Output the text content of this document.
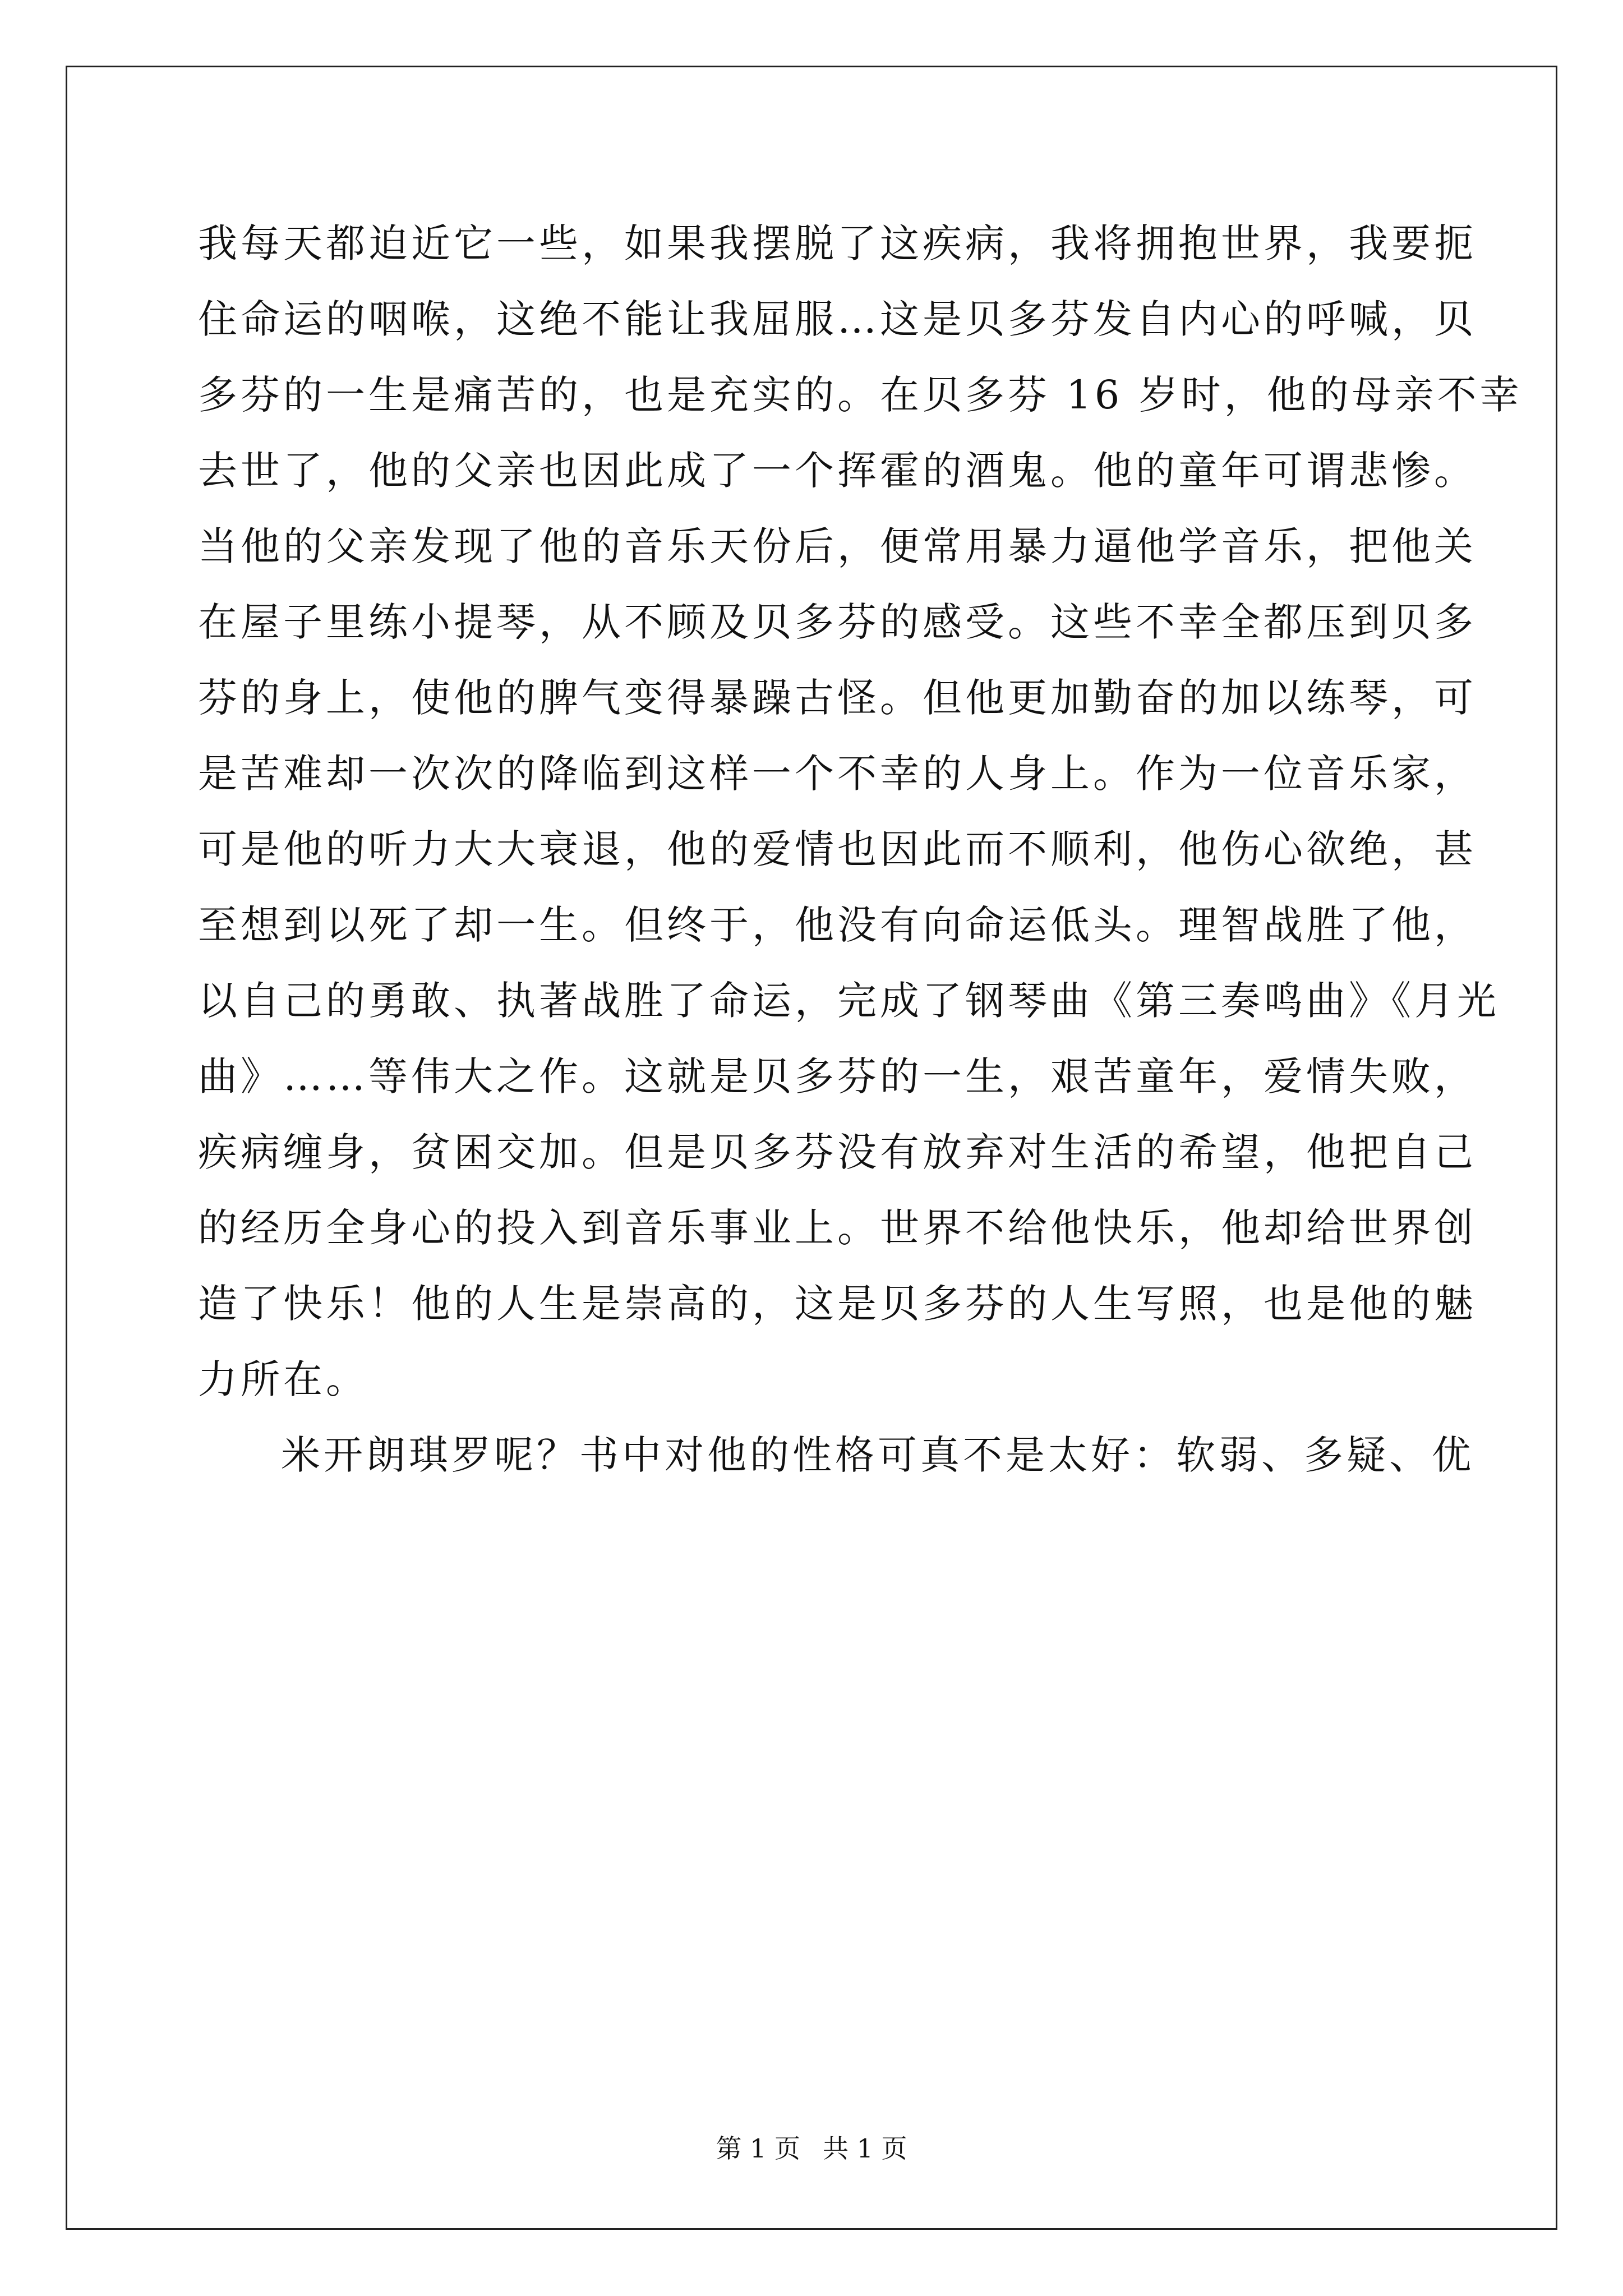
我每天都迫近它一些，如果我摆脱了这疾病，我将拥抱世界，我要扼
住命运的咽喉，这绝不能让我屈服…这是贝多芬发自内心的呼喊，贝
多芬的一生是痛苦的，也是充实的。在贝多芬 16 岁时，他的母亲不幸
去世了，他的父亲也因此成了一个挥霍的酒鬼。他的童年可谓悲惨。
当他的父亲发现了他的音乐天份后，便常用暴力逼他学音乐，把他关
在屋子里练小提琴，从不顾及贝多芬的感受。这些不幸全都压到贝多
芬的身上，使他的脾气变得暴躁古怪。但他更加勤奋的加以练琴，可
是苦难却一次次的降临到这样一个不幸的人身上。作为一位音乐家，
可是他的听力大大衰退，他的爱情也因此而不顺利，他伤心欲绝，甚
至想到以死了却一生。但终于，他没有向命运低头。理智战胜了他，
以自己的勇敢、执著战胜了命运，完成了钢琴曲《第三奏鸣曲》《月光
曲》……等伟大之作。这就是贝多芬的一生，艰苦童年，爱情失败，
疾病缠身，贫困交加。但是贝多芬没有放弃对生活的希望，他把自己
的经历全身心的投入到音乐事业上。世界不给他快乐，他却给世界创
造了快乐！他的人生是崇高的，这是贝多芬的人生写照，也是他的魅
力所在。
米开朗琪罗呢？书中对他的性格可真不是太好：软弱、多疑、优
第 1 页 共 1 页
